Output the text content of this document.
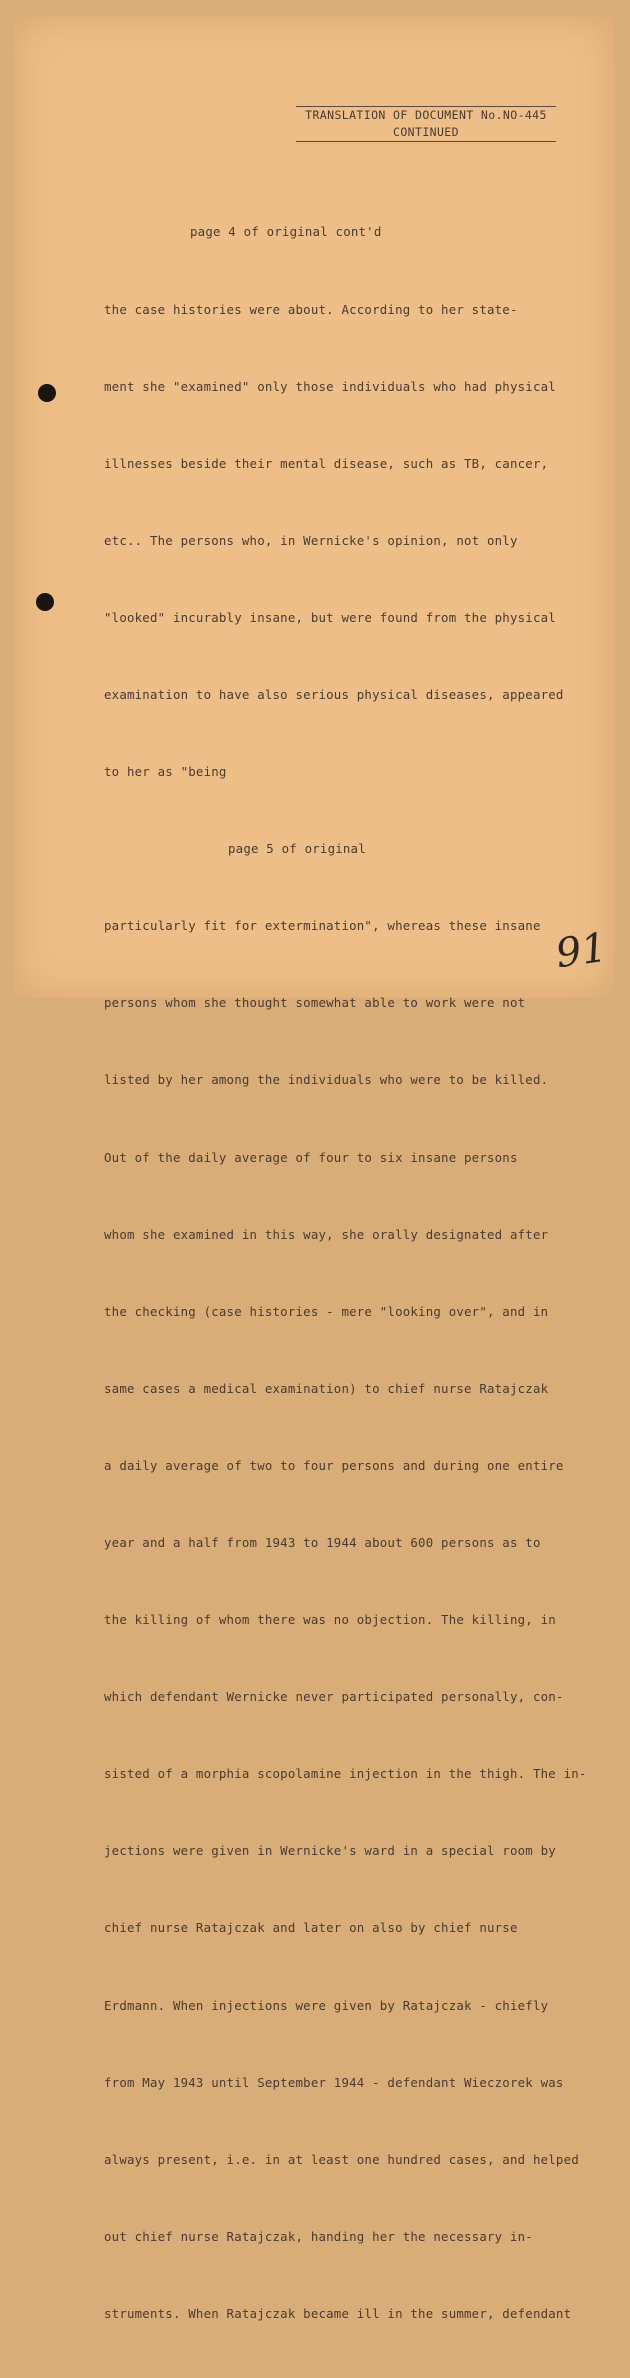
TRANSLATION OF DOCUMENT No.NO-445
CONTINUED

page 4 of original cont'd

the case histories were about. According to her state-

ment she "examined" only those individuals who had physical

illnesses beside their mental disease, such as TB, cancer,

etc.. The persons who, in Wernicke's opinion, not only

"looked" incurably insane, but were found from the physical

examination to have also serious physical diseases, appeared

to her as "being

page 5 of original

particularly fit for extermination", whereas these insane

persons whom she thought somewhat able to work were not

listed by her among the individuals who were to be killed.

Out of the daily average of four to six insane persons

whom she examined in this way, she orally designated after

the checking (case histories - mere "looking over", and in

same cases a medical examination) to chief nurse Ratajczak

a daily average of two to four persons and during one entire

year and a half from 1943 to 1944 about 600 persons as to

the killing of whom there was no objection. The killing, in

which defendant Wernicke never participated personally, con-

sisted of a morphia scopolamine injection in the thigh. The in-

jections were given in Wernicke's ward in a special room by

chief nurse Ratajczak and later on also by chief nurse

Erdmann. When injections were given by Ratajczak - chiefly

from May 1943 until September 1944 - defendant Wieczorek was

always present, i.e. in at least one hundred cases, and helped

out chief nurse Ratajczak, handing her the necessary in-

struments. When Ratajczak became ill in the summer, defendant

91
